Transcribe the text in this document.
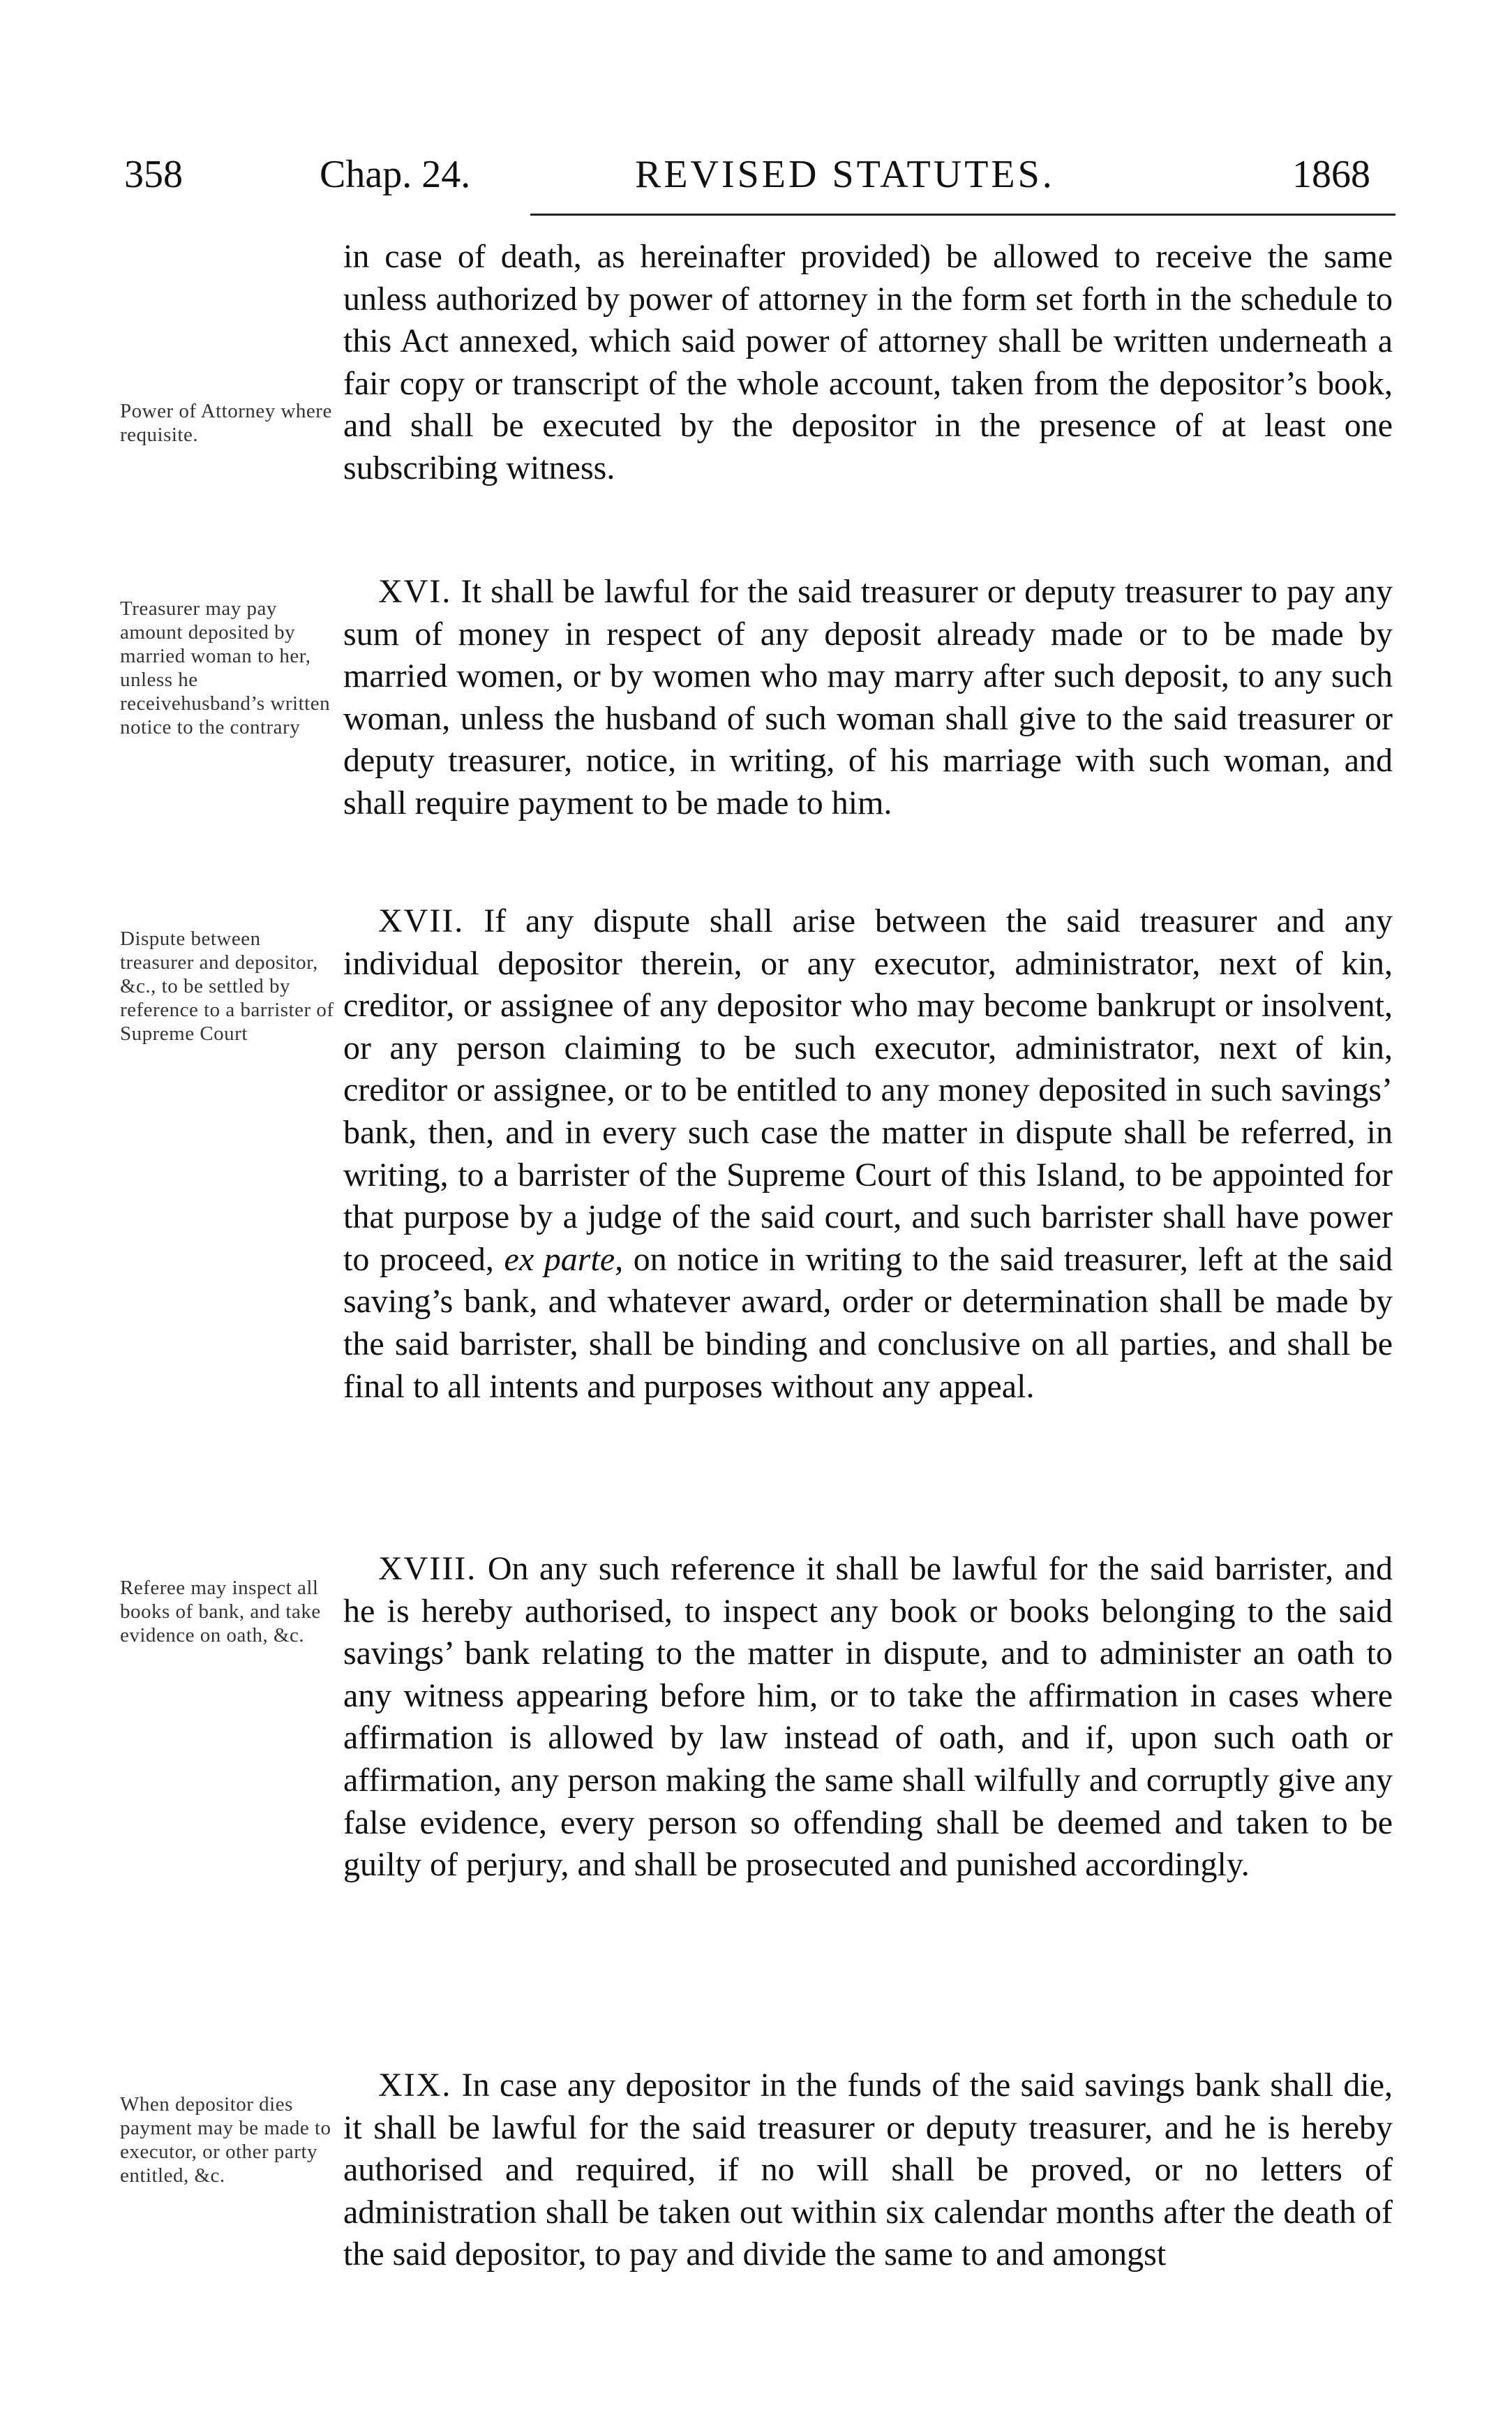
358	Chap. 24.	REVISED STATUTES.	1868
Power of Attorney where requisite.

in case of death, as hereinafter provided) be allowed to receive the same unless authorized by power of attorney in the form set forth in the schedule to this Act annexed, which said power of attorney shall be written underneath a fair copy or transcript of the whole account, taken from the depositor’s book, and shall be executed by the depositor in the presence of at least one subscribing witness.

Treasurer may pay amount deposited by married woman to her, unless he receivehusband’s written notice to the contrary

XVI. It shall be lawful for the said treasurer or deputy treasurer to pay any sum of money in respect of any deposit already made or to be made by married women, or by women who may marry after such deposit, to any such woman, unless the husband of such woman shall give to the said treasurer or deputy treasurer, notice, in writing, of his marriage with such woman, and shall require payment to be made to him.

Dispute between treasurer and depositor, &c., to be settled by reference to a barrister of Supreme Court

XVII. If any dispute shall arise between the said treasurer and any individual depositor therein, or any executor, administrator, next of kin, creditor, or assignee of any depositor who may become bankrupt or insolvent, or any person claiming to be such executor, administrator, next of kin, creditor or assignee, or to be entitled to any money deposited in such savings’ bank, then, and in every such case the matter in dispute shall be referred, in writing, to a barrister of the Supreme Court of this Island, to be appointed for that purpose by a judge of the said court, and such barrister shall have power to proceed, ex parte, on notice in writing to the said treasurer, left at the said saving’s bank, and whatever award, order or determination shall be made by the said barrister, shall be binding and conclusive on all parties, and shall be final to all intents and purposes without any appeal.

Referee may inspect all books of bank, and take evidence on oath, &c.

XVIII. On any such reference it shall be lawful for the said barrister, and he is hereby authorised, to inspect any book or books belonging to the said savings’ bank relating to the matter in dispute, and to administer an oath to any witness appearing before him, or to take the affirmation in cases where affirmation is allowed by law instead of oath, and if, upon such oath or affirmation, any person making the same shall wilfully and corruptly give any false evidence, every person so offending shall be deemed and taken to be guilty of perjury, and shall be prosecuted and punished accordingly.

When depositor dies payment may be made to executor, or other party entitled, &c.

XIX. In case any depositor in the funds of the said savings bank shall die, it shall be lawful for the said treasurer or deputy treasurer, and he is hereby authorised and required, if no will shall be proved, or no letters of administration shall be taken out within six calendar months after the death of the said depositor, to pay and divide the same to and amongst
